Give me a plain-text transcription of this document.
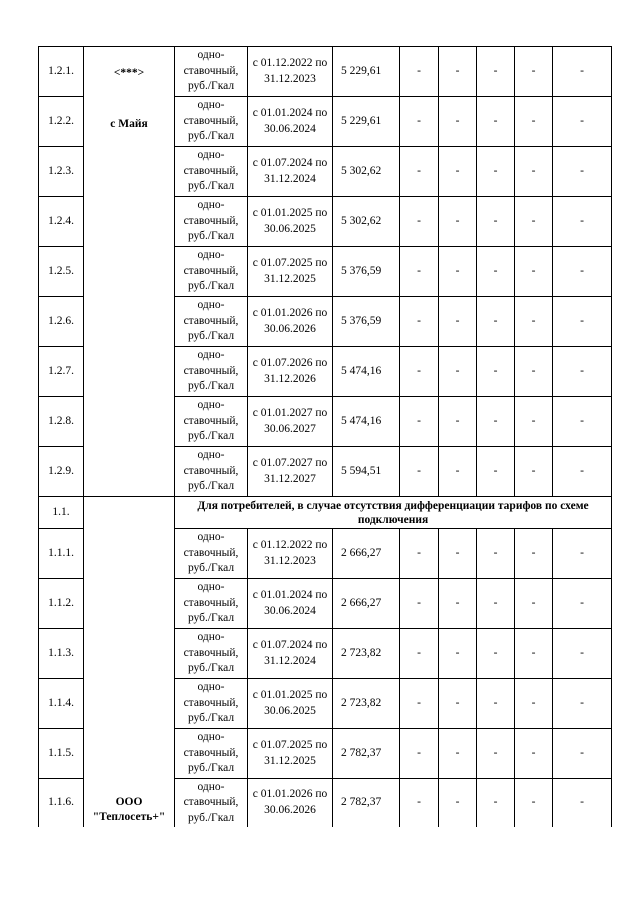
1.2.1.	<***>
с Майя	одно-ставочный, руб./Гкал	с 01.12.2022 по 31.12.2023	5 229,61	-	-	-	-	-
1.2.2.		одно-ставочный, руб./Гкал	с 01.01.2024 по 30.06.2024	5 229,61	-	-	-	-	-
1.2.3.		одно-ставочный, руб./Гкал	с 01.07.2024 по 31.12.2024	5 302,62	-	-	-	-	-
1.2.4.		одно-ставочный, руб./Гкал	с 01.01.2025 по 30.06.2025	5 302,62	-	-	-	-	-
1.2.5.		одно-ставочный, руб./Гкал	с 01.07.2025 по 31.12.2025	5 376,59	-	-	-	-	-
1.2.6.		одно-ставочный, руб./Гкал	с 01.01.2026 по 30.06.2026	5 376,59	-	-	-	-	-
1.2.7.		одно-ставочный, руб./Гкал	с 01.07.2026 по 31.12.2026	5 474,16	-	-	-	-	-
1.2.8.		одно-ставочный, руб./Гкал	с 01.01.2027 по 30.06.2027	5 474,16	-	-	-	-	-
1.2.9.		одно-ставочный, руб./Гкал	с 01.07.2027 по 31.12.2027	5 594,51	-	-	-	-	-
1.1.	ООО "Теплосеть+"	Для потребителей, в случае отсутствия дифференциации тарифов по схеме подключения							
1.1.1.		одно-ставочный, руб./Гкал	с 01.12.2022 по 31.12.2023	2 666,27	-	-	-	-	-
1.1.2.		одно-ставочный, руб./Гкал	с 01.01.2024 по 30.06.2024	2 666,27	-	-	-	-	-
1.1.3.		одно-ставочный, руб./Гкал	с 01.07.2024 по 31.12.2024	2 723,82	-	-	-	-	-
1.1.4.		одно-ставочный, руб./Гкал	с 01.01.2025 по 30.06.2025	2 723,82	-	-	-	-	-
1.1.5.		одно-ставочный, руб./Гкал	с 01.07.2025 по 31.12.2025	2 782,37	-	-	-	-	-
1.1.6.		одно-ставочный, руб./Гкал	с 01.01.2026 по 30.06.2026	2 782,37	-	-	-	-	-
